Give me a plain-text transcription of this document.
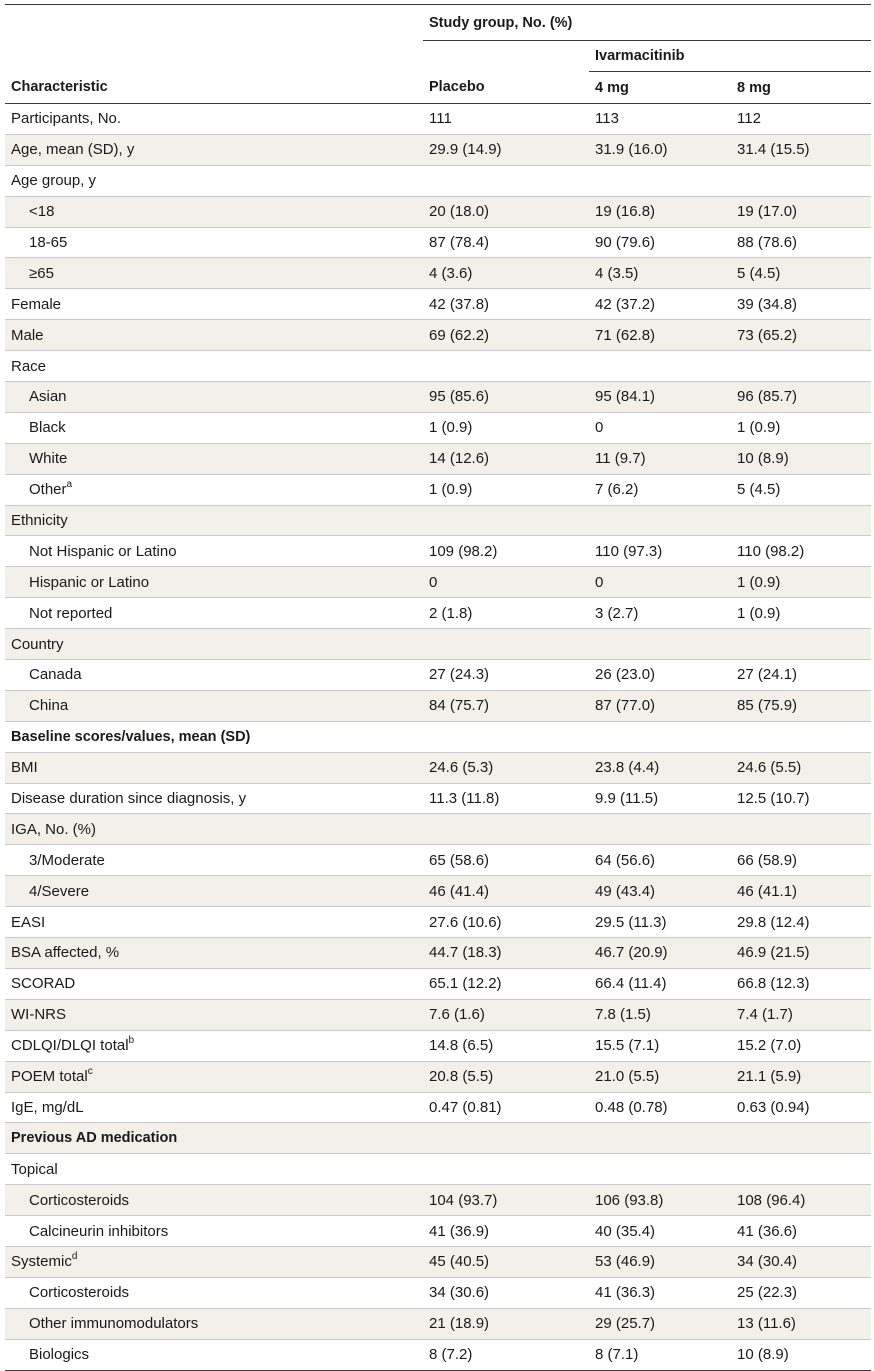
	Study group, No. (%)		
		Ivarmacitinib	
Characteristic	Placebo	4 mg	8 mg
Participants, No.	111	113	112
Age, mean (SD), y	29.9 (14.9)	31.9 (16.0)	31.4 (15.5)
Age group, y			
<18	20 (18.0)	19 (16.8)	19 (17.0)
18-65	87 (78.4)	90 (79.6)	88 (78.6)
≥65	4 (3.6)	4 (3.5)	5 (4.5)
Female	42 (37.8)	42 (37.2)	39 (34.8)
Male	69 (62.2)	71 (62.8)	73 (65.2)
Race			
Asian	95 (85.6)	95 (84.1)	96 (85.7)
Black	1 (0.9)	0	1 (0.9)
White	14 (12.6)	11 (9.7)	10 (8.9)
Other$^a$	1 (0.9)	7 (6.2)	5 (4.5)
Ethnicity			
Not Hispanic or Latino	109 (98.2)	110 (97.3)	110 (98.2)
Hispanic or Latino	0	0	1 (0.9)
Not reported	2 (1.8)	3 (2.7)	1 (0.9)
Country			
Canada	27 (24.3)	26 (23.0)	27 (24.1)
China	84 (75.7)	87 (77.0)	85 (75.9)
Baseline scores/values, mean (SD)			
BMI	24.6 (5.3)	23.8 (4.4)	24.6 (5.5)
Disease duration since diagnosis, y	11.3 (11.8)	9.9 (11.5)	12.5 (10.7)
IGA, No. (%)			
3/Moderate	65 (58.6)	64 (56.6)	66 (58.9)
4/Severe	46 (41.4)	49 (43.4)	46 (41.1)
EASI	27.6 (10.6)	29.5 (11.3)	29.8 (12.4)
BSA affected, %	44.7 (18.3)	46.7 (20.9)	46.9 (21.5)
SCORAD	65.1 (12.2)	66.4 (11.4)	66.8 (12.3)
WI-NRS	7.6 (1.6)	7.8 (1.5)	7.4 (1.7)
CDLQI/DLQI total$^b$	14.8 (6.5)	15.5 (7.1)	15.2 (7.0)
POEM total$^c$	20.8 (5.5)	21.0 (5.5)	21.1 (5.9)
IgE, mg/dL	0.47 (0.81)	0.48 (0.78)	0.63 (0.94)
Previous AD medication			
Topical			
Corticosteroids	104 (93.7)	106 (93.8)	108 (96.4)
Calcineurin inhibitors	41 (36.9)	40 (35.4)	41 (36.6)
Systemic$^d$	45 (40.5)	53 (46.9)	34 (30.4)
Corticosteroids	34 (30.6)	41 (36.3)	25 (22.3)
Other immunomodulators	21 (18.9)	29 (25.7)	13 (11.6)
Biologics	8 (7.2)	8 (7.1)	10 (8.9)
